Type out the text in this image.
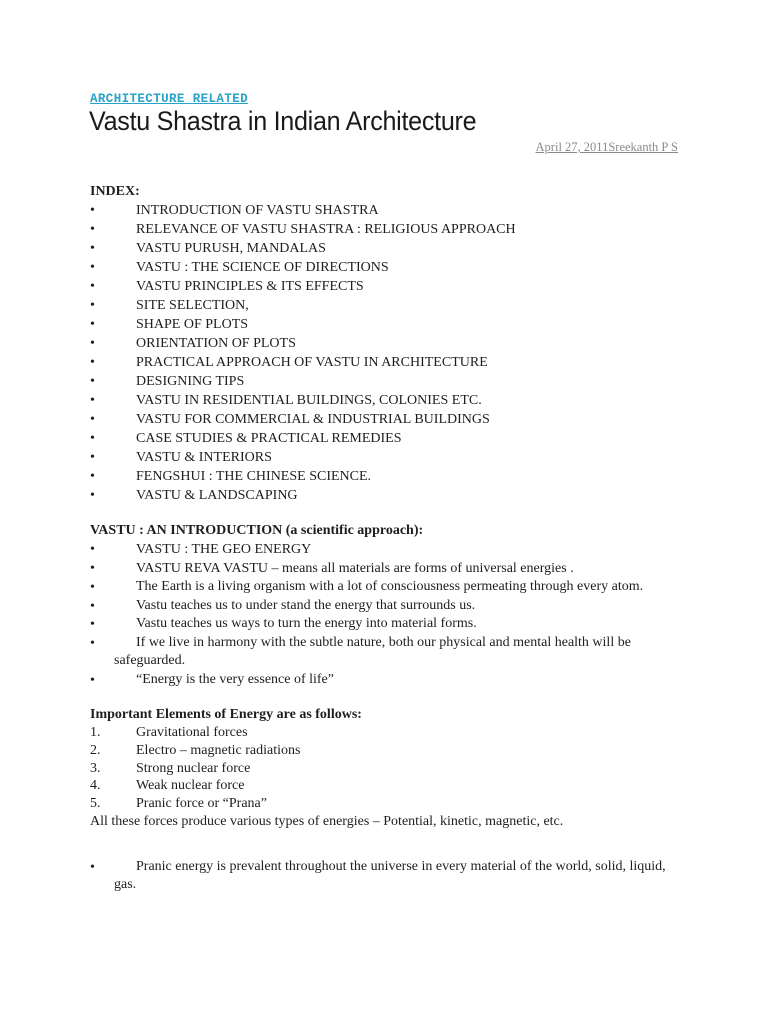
ARCHITECTURE RELATED
Vastu Shastra in Indian Architecture
April 27, 2011Sreekanth P S
INDEX:
•	INTRODUCTION OF VASTU SHASTRA
•	RELEVANCE OF VASTU SHASTRA : RELIGIOUS APPROACH
•	VASTU PURUSH, MANDALAS
•	VASTU : THE SCIENCE OF DIRECTIONS
•	VASTU PRINCIPLES & ITS EFFECTS
•	SITE SELECTION,
•	SHAPE OF PLOTS
•	ORIENTATION OF PLOTS
•	PRACTICAL APPROACH OF VASTU IN ARCHITECTURE
•	DESIGNING TIPS
•	VASTU IN RESIDENTIAL BUILDINGS, COLONIES ETC.
•	VASTU FOR COMMERCIAL & INDUSTRIAL BUILDINGS
•	CASE STUDIES & PRACTICAL REMEDIES
•	VASTU & INTERIORS
•	FENGSHUI : THE CHINESE SCIENCE.
•	VASTU & LANDSCAPING
VASTU : AN INTRODUCTION (a scientific approach):
•	VASTU : THE GEO ENERGY
•	VASTU REVA VASTU – means all materials are forms of universal energies .
•	The Earth is a living organism with a lot of consciousness permeating through every atom.
•	Vastu teaches us to under stand the energy that surrounds us.
•	Vastu teaches us ways to turn the energy into material forms.
•	If we live in harmony with the subtle nature, both our physical and mental health will be safeguarded.
•	“Energy is the very essence of life”
Important Elements of Energy are as follows:
1.	Gravitational forces
2.	Electro – magnetic radiations
3.	Strong nuclear force
4.	Weak nuclear force
5.	Pranic force or “Prana”
All these forces produce various types of energies – Potential, kinetic, magnetic, etc.
•	Pranic energy is prevalent throughout the universe in every material of the world, solid, liquid, gas.
